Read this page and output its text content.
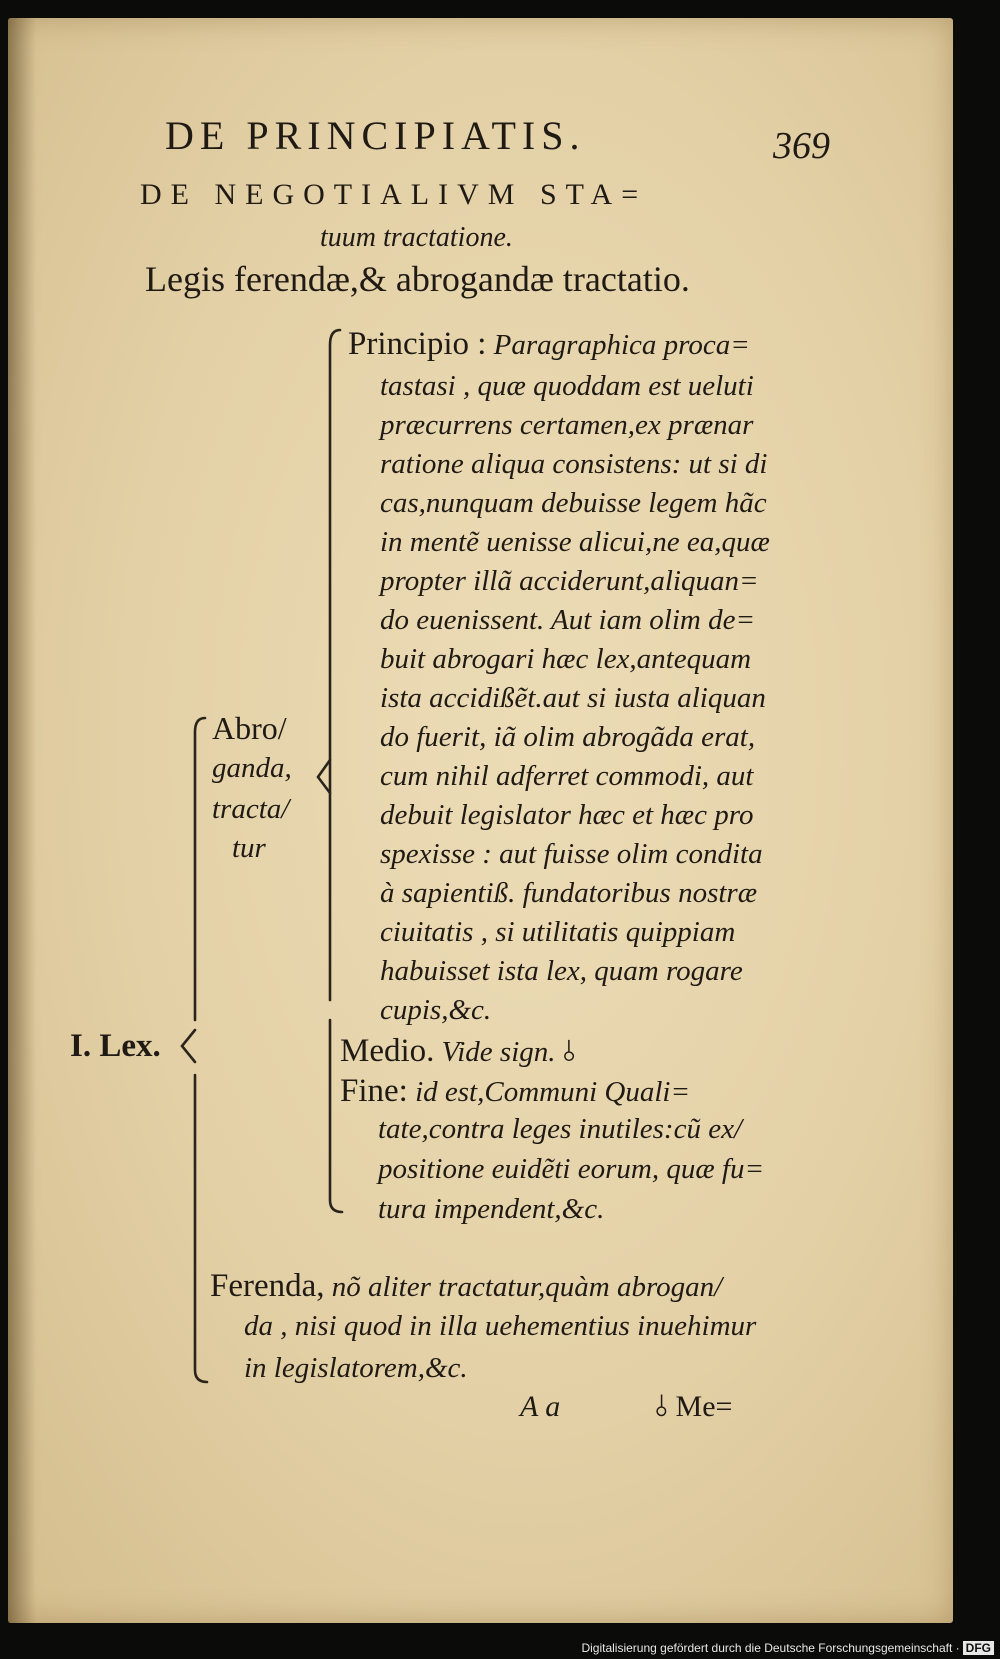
DE PRINCIPIATIS.	369
DE NEGOTIALIVM STA=
tuum tractatione.
Legis ferendæ,& abrogandæ tractatio.
Principio : Paragraphica proca=
tastasi , quæ quoddam est ueluti
præcurrens certamen,ex prænar
ratione aliqua consistens: ut si di
cas,nunquam debuisse legem hãc
in mentẽ uenisse alicui,ne ea,quæ
propter illã acciderunt,aliquan=
do euenissent. Aut iam olim de=
buit abrogari hæc lex,antequam
ista accidißẽt.aut si iusta aliquan
do fuerit, iã olim abrogãda erat,
cum nihil adferret commodi, aut
debuit legislator hæc et hæc pro
spexisse : aut fuisse olim condita
à sapientiß. fundatoribus nostræ
ciuitatis , si utilitatis quippiam
habuisset ista lex, quam rogare
cupis,&c.
Abro/
ganda,
tracta/
tur
I. Lex.	Medio. Vide sign. ⫰
Fine: id est,Communi Quali=
tate,contra leges inutiles:cũ ex/
positione euidẽti eorum, quæ fu=
tura impendent,&c.
Ferenda, nõ aliter tractatur,quàm abrogan/
da , nisi quod in illa uehementius inuehimur
in legislatorem,&c.
A a	⫰ Me=
Digitalisierung gefördert durch die Deutsche Forschungsgemeinschaft · DFG
